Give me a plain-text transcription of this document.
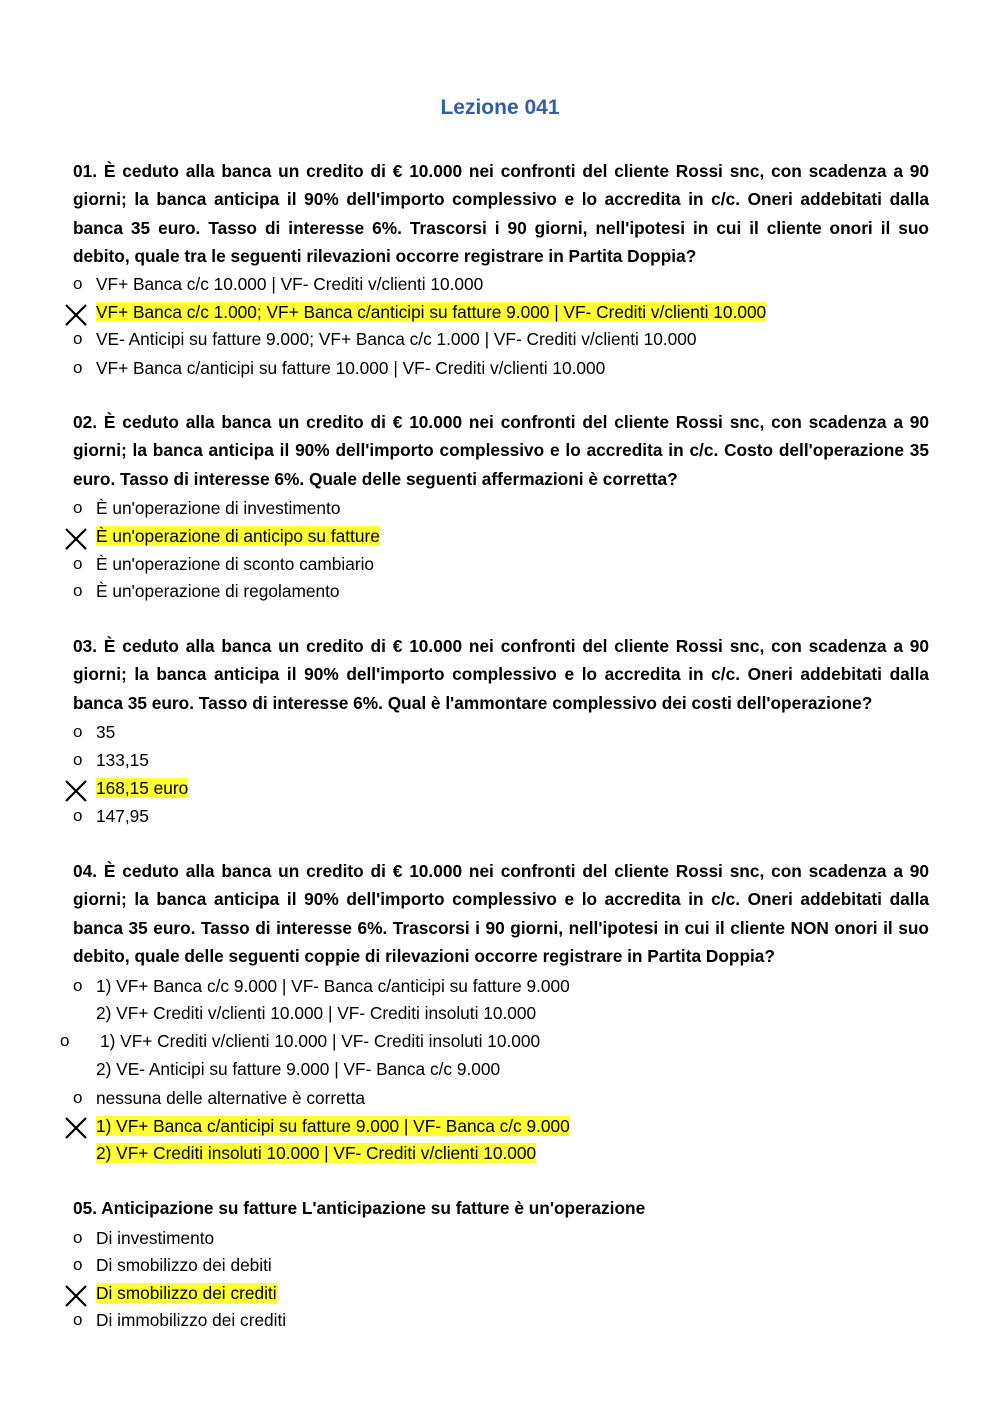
Lezione 041
01. È ceduto alla banca un credito di € 10.000 nei confronti del cliente Rossi snc, con scadenza a 90 giorni; la banca anticipa il 90% dell'importo complessivo e lo accredita in c/c. Oneri addebitati dalla banca 35 euro. Tasso di interesse 6%. Trascorsi i 90 giorni, nell'ipotesi in cui il cliente onori il suo debito, quale tra le seguenti rilevazioni occorre registrare in Partita Doppia?
o VF+ Banca c/c 10.000 | VF- Crediti v/clienti 10.000
VF+ Banca c/c 1.000; VF+ Banca c/anticipi su fatture 9.000 | VF- Crediti v/clienti 10.000
o VE- Anticipi su fatture 9.000; VF+ Banca c/c 1.000 | VF- Crediti v/clienti 10.000
o VF+ Banca c/anticipi su fatture 10.000 | VF- Crediti v/clienti 10.000
02. È ceduto alla banca un credito di € 10.000 nei confronti del cliente Rossi snc, con scadenza a 90 giorni; la banca anticipa il 90% dell'importo complessivo e lo accredita in c/c. Costo dell'operazione 35 euro. Tasso di interesse 6%. Quale delle seguenti affermazioni è corretta?
o È un'operazione di investimento
È un'operazione di anticipo su fatture
o È un'operazione di sconto cambiario
o È un'operazione di regolamento
03. È ceduto alla banca un credito di € 10.000 nei confronti del cliente Rossi snc, con scadenza a 90 giorni; la banca anticipa il 90% dell'importo complessivo e lo accredita in c/c. Oneri addebitati dalla banca 35 euro. Tasso di interesse 6%. Qual è l'ammontare complessivo dei costi dell'operazione?
o 35
o 133,15
168,15 euro
o 147,95
04. È ceduto alla banca un credito di € 10.000 nei confronti del cliente Rossi snc, con scadenza a 90 giorni; la banca anticipa il 90% dell'importo complessivo e lo accredita in c/c. Oneri addebitati dalla banca 35 euro. Tasso di interesse 6%. Trascorsi i 90 giorni, nell'ipotesi in cui il cliente NON onori il suo debito, quale delle seguenti coppie di rilevazioni occorre registrare in Partita Doppia?
o 1) VF+ Banca c/c 9.000 | VF- Banca c/anticipi su fatture 9.000
2) VF+ Crediti v/clienti 10.000 | VF- Crediti insoluti 10.000
o 1) VF+ Crediti v/clienti 10.000 | VF- Crediti insoluti 10.000
2) VE- Anticipi su fatture 9.000 | VF- Banca c/c 9.000
o nessuna delle alternative è corretta
1) VF+ Banca c/anticipi su fatture 9.000 | VF- Banca c/c 9.000
2) VF+ Crediti insoluti 10.000 | VF- Crediti v/clienti 10.000
05. Anticipazione su fatture L'anticipazione su fatture è un'operazione
o Di investimento
o Di smobilizzo dei debiti
Di smobilizzo dei crediti
o Di immobilizzo dei crediti
